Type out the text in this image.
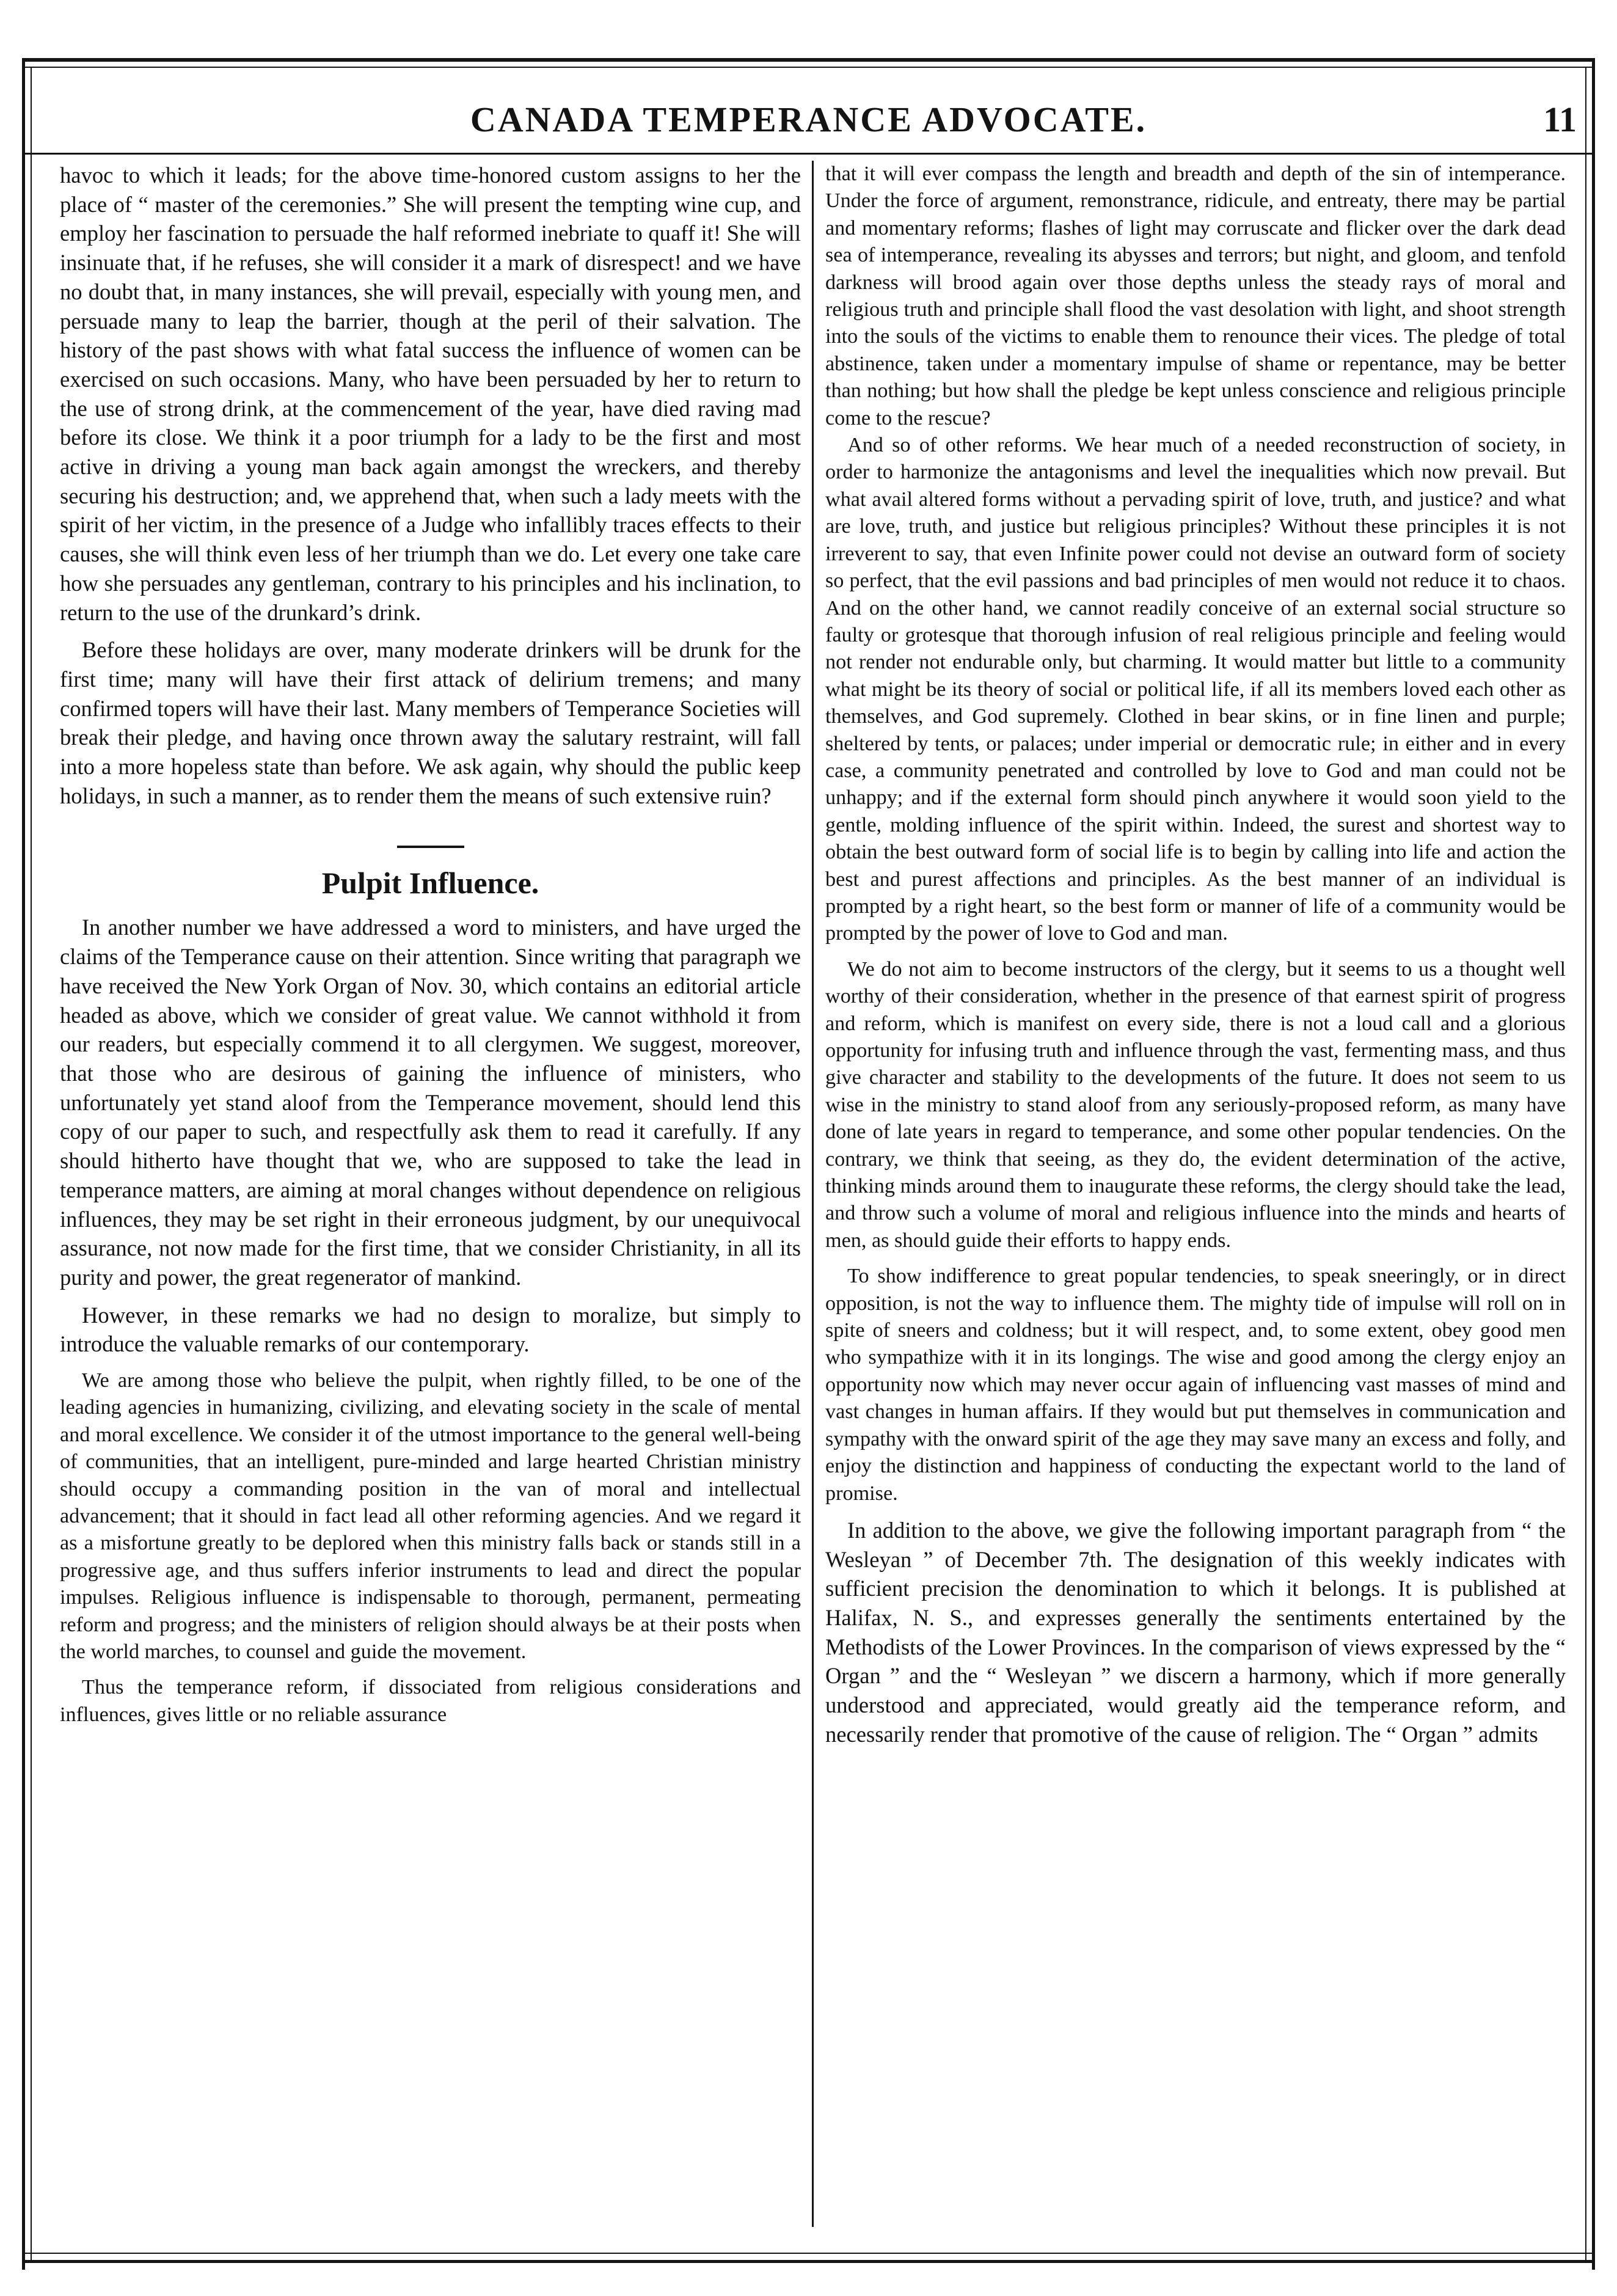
CANADA TEMPERANCE ADVOCATE.	11

havoc to which it leads; for the above time-honored custom assigns to her the place of “ master of the ceremonies.” She will present the tempting wine cup, and employ her fascination to persuade the half reformed inebriate to quaff it! She will insinuate that, if he refuses, she will consider it a mark of disrespect! and we have no doubt that, in many instances, she will prevail, especially with young men, and persuade many to leap the barrier, though at the peril of their salvation. The history of the past shows with what fatal success the influence of women can be exercised on such occasions. Many, who have been persuaded by her to return to the use of strong drink, at the commencement of the year, have died raving mad before its close. We think it a poor triumph for a lady to be the first and most active in driving a young man back again amongst the wreckers, and thereby securing his destruction; and, we apprehend that, when such a lady meets with the spirit of her victim, in the presence of a Judge who infallibly traces effects to their causes, she will think even less of her triumph than we do. Let every one take care how she persuades any gentleman, contrary to his principles and his inclination, to return to the use of the drunkard’s drink.

Before these holidays are over, many moderate drinkers will be drunk for the first time; many will have their first attack of delirium tremens; and many confirmed topers will have their last. Many members of Temperance Societies will break their pledge, and having once thrown away the salutary restraint, will fall into a more hopeless state than before. We ask again, why should the public keep holidays, in such a manner, as to render them the means of such extensive ruin?

Pulpit Influence.

In another number we have addressed a word to ministers, and have urged the claims of the Temperance cause on their attention. Since writing that paragraph we have received the New York Organ of Nov. 30, which contains an editorial article headed as above, which we consider of great value. We cannot withhold it from our readers, but especially commend it to all clergymen. We suggest, moreover, that those who are desirous of gaining the influence of ministers, who unfortunately yet stand aloof from the Temperance movement, should lend this copy of our paper to such, and respectfully ask them to read it carefully. If any should hitherto have thought that we, who are supposed to take the lead in temperance matters, are aiming at moral changes without dependence on religious influences, they may be set right in their erroneous judgment, by our unequivocal assurance, not now made for the first time, that we consider Christianity, in all its purity and power, the great regenerator of mankind.

However, in these remarks we had no design to moralize, but simply to introduce the valuable remarks of our contemporary.

We are among those who believe the pulpit, when rightly filled, to be one of the leading agencies in humanizing, civilizing, and elevating society in the scale of mental and moral excellence. We consider it of the utmost importance to the general well-being of communities, that an intelligent, pure-minded and large hearted Christian ministry should occupy a commanding position in the van of moral and intellectual advancement; that it should in fact lead all other reforming agencies. And we regard it as a misfortune greatly to be deplored when this ministry falls back or stands still in a progressive age, and thus suffers inferior instruments to lead and direct the popular impulses. Religious influence is indispensable to thorough, permanent, permeating reform and progress; and the ministers of religion should always be at their posts when the world marches, to counsel and guide the movement.

Thus the temperance reform, if dissociated from religious considerations and influences, gives little or no reliable assurance

that it will ever compass the length and breadth and depth of the sin of intemperance. Under the force of argument, remonstrance, ridicule, and entreaty, there may be partial and momentary reforms; flashes of light may corruscate and flicker over the dark dead sea of intemperance, revealing its abysses and terrors; but night, and gloom, and tenfold darkness will brood again over those depths unless the steady rays of moral and religious truth and principle shall flood the vast desolation with light, and shoot strength into the souls of the victims to enable them to renounce their vices. The pledge of total abstinence, taken under a momentary impulse of shame or repentance, may be better than nothing; but how shall the pledge be kept unless conscience and religious principle come to the rescue?

And so of other reforms. We hear much of a needed reconstruction of society, in order to harmonize the antagonisms and level the inequalities which now prevail. But what avail altered forms without a pervading spirit of love, truth, and justice? and what are love, truth, and justice but religious principles? Without these principles it is not irreverent to say, that even Infinite power could not devise an outward form of society so perfect, that the evil passions and bad principles of men would not reduce it to chaos. And on the other hand, we cannot readily conceive of an external social structure so faulty or grotesque that thorough infusion of real religious principle and feeling would not render not endurable only, but charming. It would matter but little to a community what might be its theory of social or political life, if all its members loved each other as themselves, and God supremely. Clothed in bear skins, or in fine linen and purple; sheltered by tents, or palaces; under imperial or democratic rule; in either and in every case, a community penetrated and controlled by love to God and man could not be unhappy; and if the external form should pinch anywhere it would soon yield to the gentle, molding influence of the spirit within. Indeed, the surest and shortest way to obtain the best outward form of social life is to begin by calling into life and action the best and purest affections and principles. As the best manner of an individual is prompted by a right heart, so the best form or manner of life of a community would be prompted by the power of love to God and man.

We do not aim to become instructors of the clergy, but it seems to us a thought well worthy of their consideration, whether in the presence of that earnest spirit of progress and reform, which is manifest on every side, there is not a loud call and a glorious opportunity for infusing truth and influence through the vast, fermenting mass, and thus give character and stability to the developments of the future. It does not seem to us wise in the ministry to stand aloof from any seriously-proposed reform, as many have done of late years in regard to temperance, and some other popular tendencies. On the contrary, we think that seeing, as they do, the evident determination of the active, thinking minds around them to inaugurate these reforms, the clergy should take the lead, and throw such a volume of moral and religious influence into the minds and hearts of men, as should guide their efforts to happy ends.

To show indifference to great popular tendencies, to speak sneeringly, or in direct opposition, is not the way to influence them. The mighty tide of impulse will roll on in spite of sneers and coldness; but it will respect, and, to some extent, obey good men who sympathize with it in its longings. The wise and good among the clergy enjoy an opportunity now which may never occur again of influencing vast masses of mind and vast changes in human affairs. If they would but put themselves in communication and sympathy with the onward spirit of the age they may save many an excess and folly, and enjoy the distinction and happiness of conducting the expectant world to the land of promise.

In addition to the above, we give the following important paragraph from “ the Wesleyan ” of December 7th. The designation of this weekly indicates with sufficient precision the denomination to which it belongs. It is published at Halifax, N. S., and expresses generally the sentiments entertained by the Methodists of the Lower Provinces. In the comparison of views expressed by the “ Organ ” and the “ Wesleyan ” we discern a harmony, which if more generally understood and appreciated, would greatly aid the temperance reform, and necessarily render that promotive of the cause of religion. The “ Organ ” admits
